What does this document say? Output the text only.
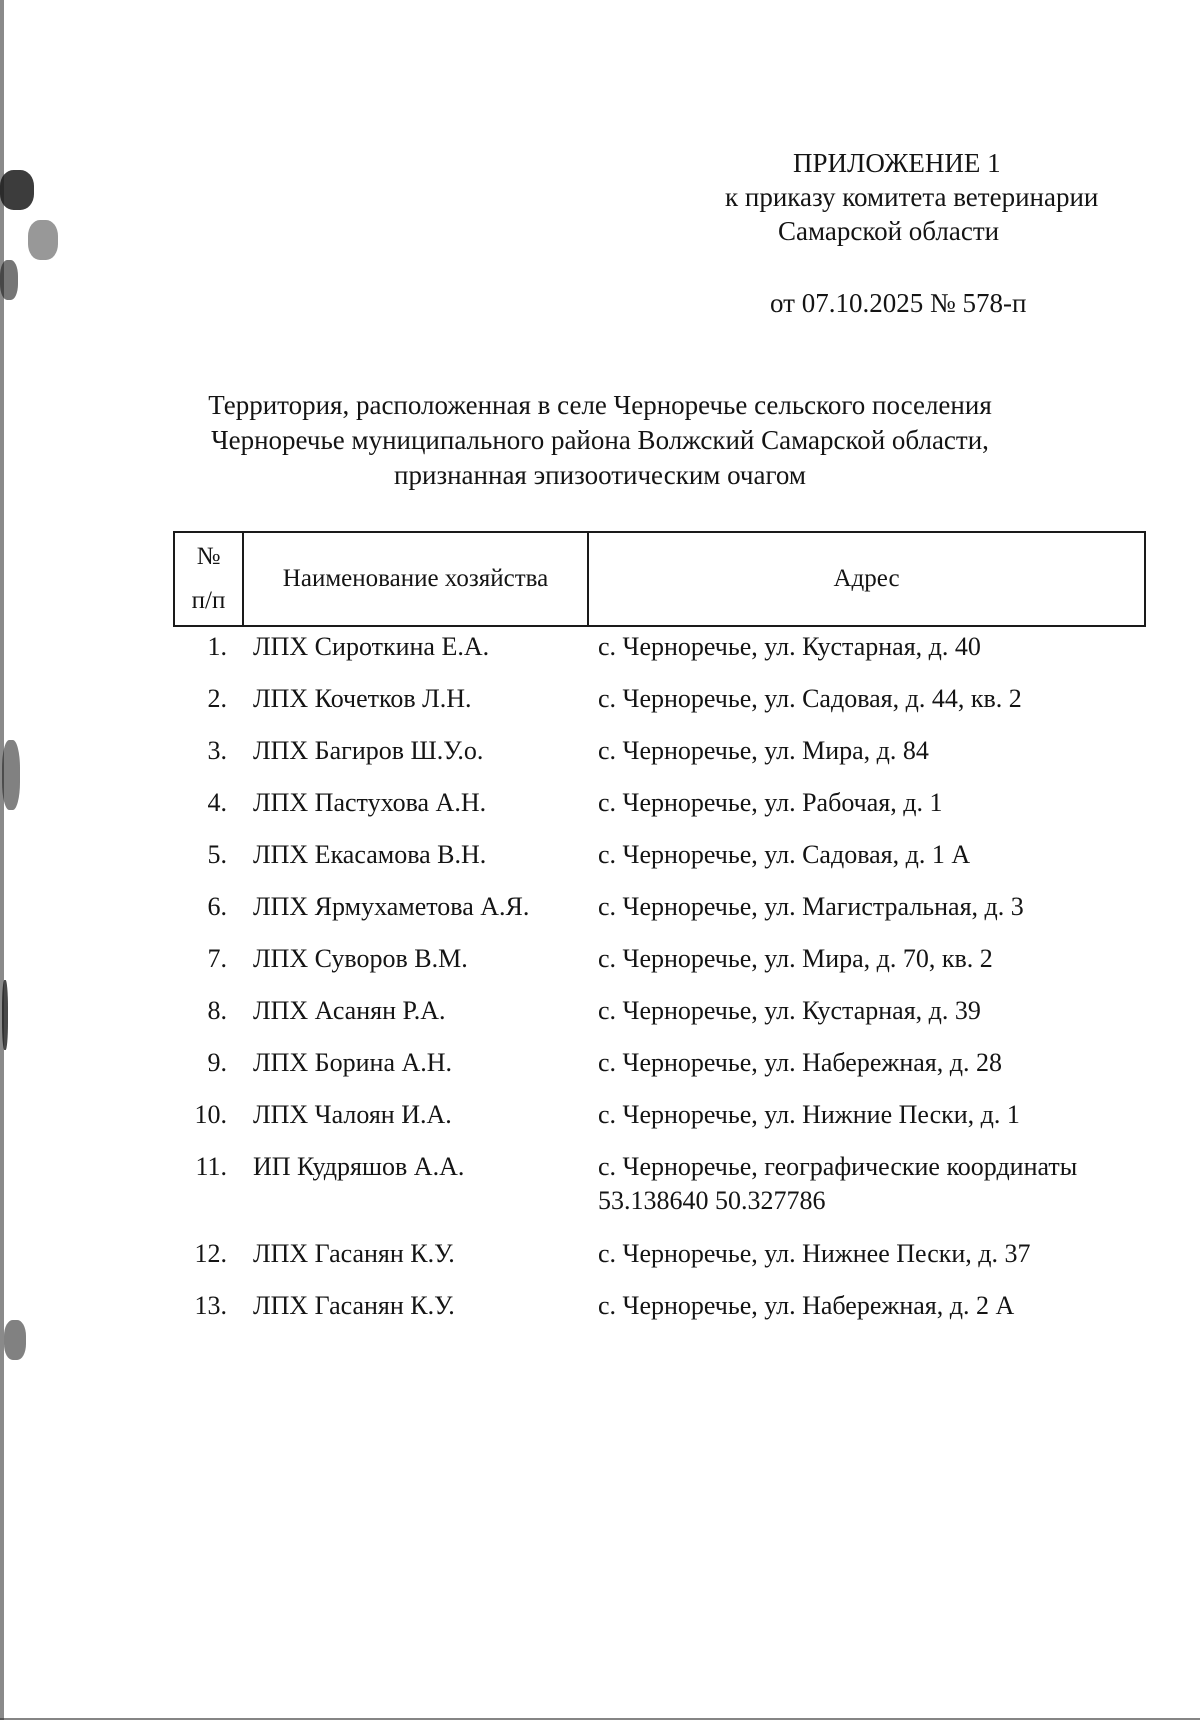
ПРИЛОЖЕНИЕ 1
к приказу комитета ветеринарии
Самарской области
от 07.10.2025 № 578-п
Территория, расположенная в селе Черноречье сельского поселения
Черноречье муниципального района Волжский Самарской области,
признанная эпизоотическим очагом
№
п/п
Наименование хозяйства	Адрес
1. ЛПХ Сироткина Е.А.	с. Черноречье, ул. Кустарная, д. 40
2. ЛПХ Кочетков Л.Н.	с. Черноречье, ул. Садовая, д. 44, кв. 2
3. ЛПХ Багиров Ш.У.о.	с. Черноречье, ул. Мира, д. 84
4. ЛПХ Пастухова А.Н.	с. Черноречье, ул. Рабочая, д. 1
5. ЛПХ Екасамова В.Н.	с. Черноречье, ул. Садовая, д. 1 А
6. ЛПХ Ярмухаметова А.Я.	с. Черноречье, ул. Магистральная, д. 3
7. ЛПХ Суворов В.М.	с. Черноречье, ул. Мира, д. 70, кв. 2
8. ЛПХ Асанян Р.А.	с. Черноречье, ул. Кустарная, д. 39
9. ЛПХ Борина А.Н.	с. Черноречье, ул. Набережная, д. 28
10. ЛПХ Чалоян И.А.	с. Черноречье, ул. Нижние Пески, д. 1
11. ИП Кудряшов А.А.	с. Черноречье, географические координаты 53.138640 50.327786
12. ЛПХ Гасанян К.У.	с. Черноречье, ул. Нижнее Пески, д. 37
13. ЛПХ Гасанян К.У.	с. Черноречье, ул. Набережная, д. 2 А
